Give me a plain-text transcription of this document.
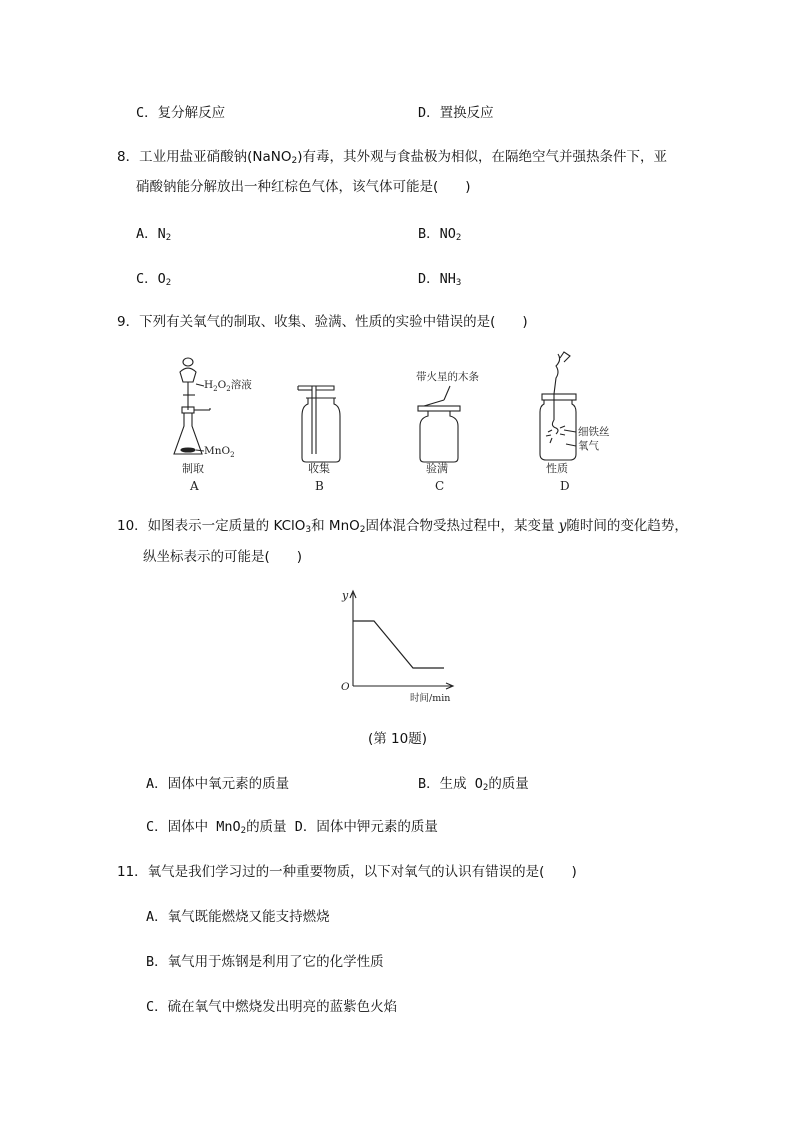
C．复分解反应	D．置换反应
8．工业用盐亚硝酸钠(NaNO$_2$)有毒，其外观与食盐极为相似，在隔绝空气并强热条件下，亚
硝酸钠能分解放出一种红棕色气体，该气体可能是(　　)
A．$N_2$	B．$NO_2$
C．$O_2$	D．$NH_3$
9．下列有关氧气的制取、收集、验满、性质的实验中错误的是(　　)
$H_2O_2$溶液
MnO$_2$
带火星的木条
细铁丝
氧气
制取	收集	验满	性质
A	B	C	D
10．如图表示一定质量的 KClO$_3$和 MnO$_2$固体混合物受热过程中，某变量 y随时间的变化趋势，
纵坐标表示的可能是(　　)
y
O
时间/min
(第 10题)
A．固体中氧元素的质量	B．生成 $O_2$的质量
C．固体中 MnO$_2$的质量 D．固体中钾元素的质量
11．氧气是我们学习过的一种重要物质，以下对氧气的认识有错误的是(　　)
A．氧气既能燃烧又能支持燃烧
B．氧气用于炼钢是利用了它的化学性质
C．硫在氧气中燃烧发出明亮的蓝紫色火焰
